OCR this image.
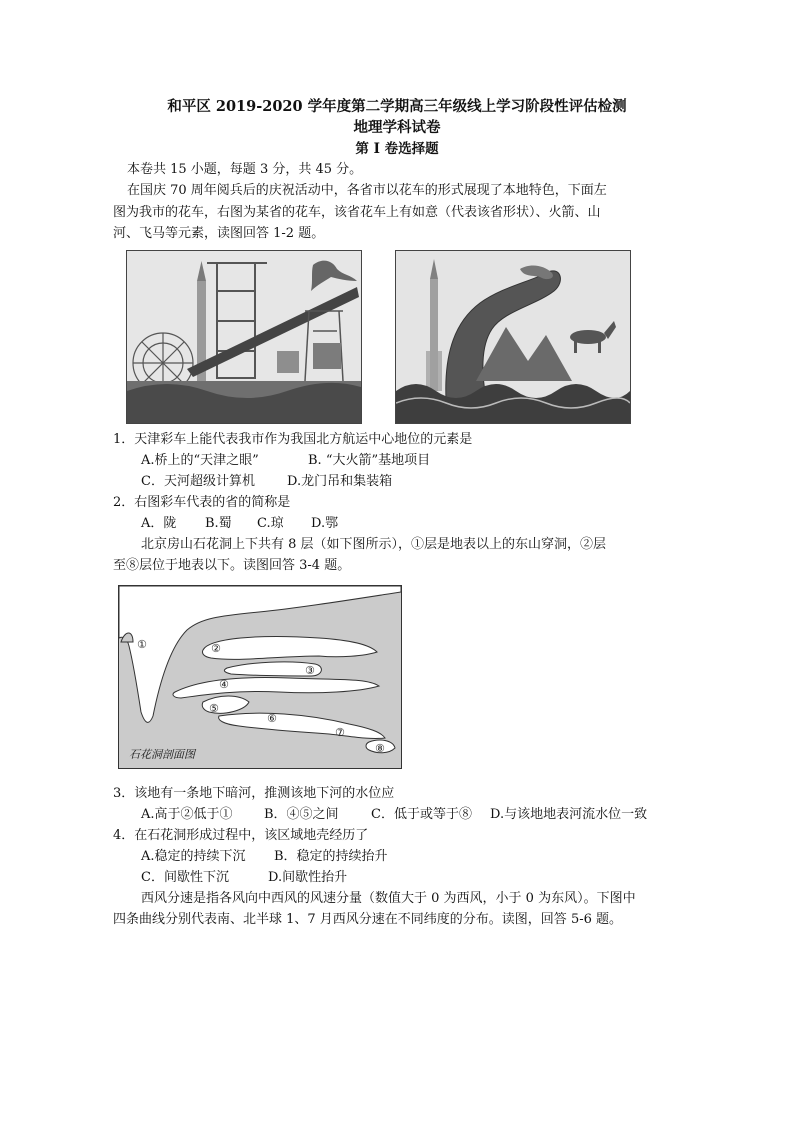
和平区 2019-2020 学年度第二学期高三年级线上学习阶段性评估检测
地理学科试卷
第 I 卷选择题
本卷共 15 小题，每题 3 分，共 45 分。
在国庆 70 周年阅兵后的庆祝活动中，各省市以花车的形式展现了本地特色，下面左
图为我市的花车，右图为某省的花车，该省花车上有如意（代表该省形状）、火箭、山
河、飞马等元素，读图回答 1-2 题。
1．天津彩车上能代表我市作为我国北方航运中心地位的元素是
A.桥上的“天津之眼”	B. “大火箭”基地项目
C．天河超级计算机 D.龙门吊和集装箱
2．右图彩车代表的省的简称是
A．陇 B.蜀 C.琼 D.鄂
北京房山石花洞上下共有 8 层（如下图所示），①层是地表以上的东山穿洞，②层
至⑧层位于地表以下。读图回答 3-4 题。
①	②
③
④
⑤
⑥
⑦
⑧
石花洞剖面图
3．该地有一条地下暗河，推测该地下河的水位应
A.高于②低于① B．④⑤之间 C．低于或等于⑧ D.与该地地表河流水位一致
4．在石花洞形成过程中，该区域地壳经历了
A.稳定的持续下沉 B．稳定的持续抬升
C．间歇性下沉	D.间歇性抬升
西风分速是指各风向中西风的风速分量（数值大于 0 为西风，小于 0 为东风）。下图中
四条曲线分别代表南、北半球 1、7 月西风分速在不同纬度的分布。读图，回答 5-6 题。
